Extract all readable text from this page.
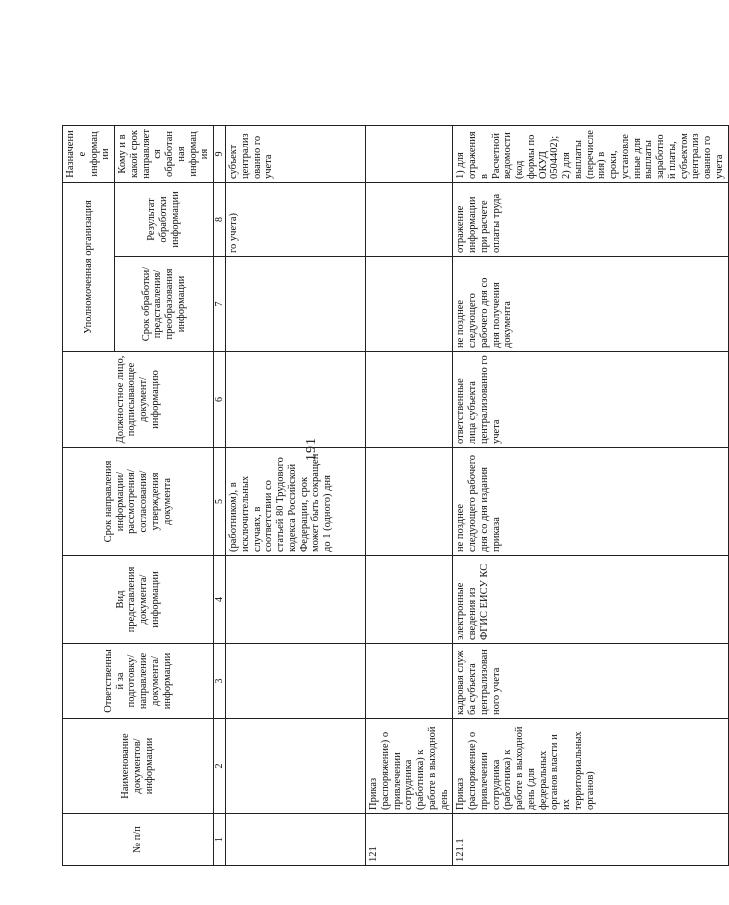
191
№ п/п	Наименование документов/ информации	Ответственный за подготовку/ направление документа/ информации	Вид представления документа/ информации	Срок направления информации/ рассмотрения/ согласования/ утверждения документа	Должностное лицо, подписывающее документ/ информацию	Уполномоченная организация		Назначение информации
						Срок обработки/ представления/ преобразования информации	Результат обработки информации	Кому и в какой срок направляется обработанная информация
1	2	3	4	5	6	7	8	9
				(работником), в исключительных случаях, в соответствии со статьей 80 Трудового кодекса Российской Федерации, срок может быть сокращен до 1 (одного) дня			го учета)	субъект централизованно го учета
121	Приказ (распоряжение) о привлечении сотрудника (работника) к работе в выходной день							
121.1	Приказ (распоряжение) о привлечении сотрудника (работника) к работе в выходной день (для федеральных органов власти и их территориальных органов)	кадровая служ ба субъекта централизован ного учета	электронные сведения из ФГИС ЕИСУ КС	не позднее следующего рабочего дня со дня издания приказа	ответственные лица субъекта централизованно го учета	не позднее следующего рабочего дня со дня получения документа	отражение информации при расчете оплаты труда	1) для отражения в Расчетной ведомости (код формы по ОКУД 0504402); 2) для выплаты (перечисления) в сроки, установленные для выплаты заработной платы, субъектом централизованно го учета
